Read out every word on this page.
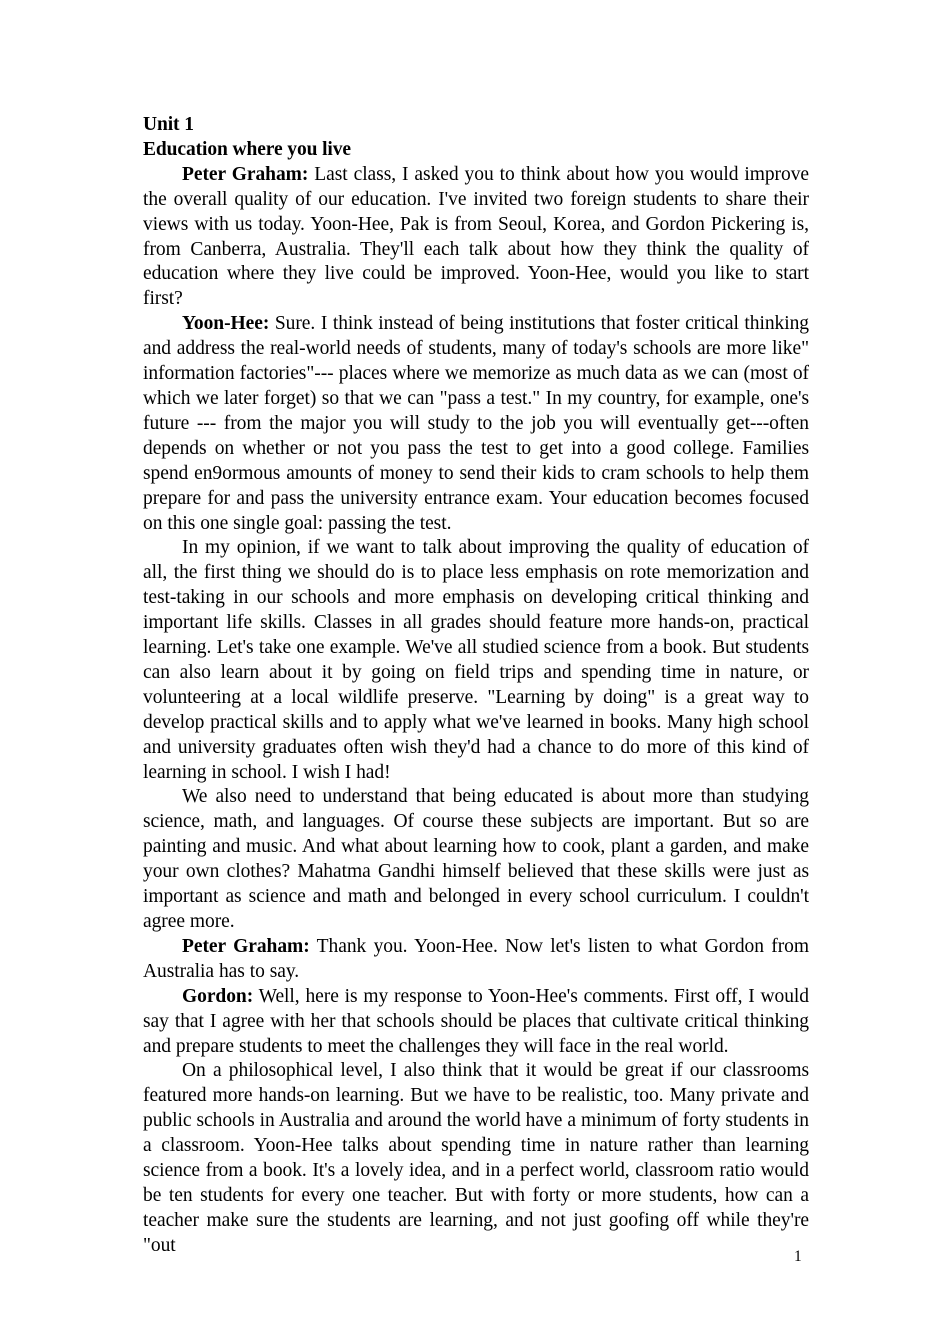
Unit 1
Education where you live

Peter Graham: Last class, I asked you to think about how you would improve the overall quality of our education. I've invited two foreign students to share their views with us today. Yoon-Hee, Pak is from Seoul, Korea, and Gordon Pickering is, from Canberra, Australia. They'll each talk about how they think the quality of education where they live could be improved. Yoon-Hee, would you like to start first?

Yoon-Hee: Sure. I think instead of being institutions that foster critical thinking and address the real-world needs of students, many of today's schools are more like" information factories"--- places where we memorize as much data as we can (most of which we later forget) so that we can "pass a test." In my country, for example, one's future --- from the major you will study to the job you will eventually get---often depends on whether or not you pass the test to get into a good college. Families spend en9ormous amounts of money to send their kids to cram schools to help them prepare for and pass the university entrance exam. Your education becomes focused on this one single goal: passing the test.

In my opinion, if we want to talk about improving the quality of education of all, the first thing we should do is to place less emphasis on rote memorization and test-taking in our schools and more emphasis on developing critical thinking and important life skills. Classes in all grades should feature more hands-on, practical learning. Let's take one example. We've all studied science from a book. But students can also learn about it by going on field trips and spending time in nature, or volunteering at a local wildlife preserve. "Learning by doing" is a great way to develop practical skills and to apply what we've learned in books. Many high school and university graduates often wish they'd had a chance to do more of this kind of learning in school. I wish I had!

We also need to understand that being educated is about more than studying science, math, and languages. Of course these subjects are important. But so are painting and music. And what about learning how to cook, plant a garden, and make your own clothes? Mahatma Gandhi himself believed that these skills were just as important as science and math and belonged in every school curriculum. I couldn't agree more.

Peter Graham: Thank you. Yoon-Hee. Now let's listen to what Gordon from Australia has to say.

Gordon: Well, here is my response to Yoon-Hee's comments. First off, I would say that I agree with her that schools should be places that cultivate critical thinking and prepare students to meet the challenges they will face in the real world.

On a philosophical level, I also think that it would be great if our classrooms featured more hands-on learning. But we have to be realistic, too. Many private and public schools in Australia and around the world have a minimum of forty students in a classroom. Yoon-Hee talks about spending time in nature rather than learning science from a book. It's a lovely idea, and in a perfect world, classroom ratio would be ten students for every one teacher. But with forty or more students, how can a teacher make sure the students are learning, and not just goofing off while they're "out

1
